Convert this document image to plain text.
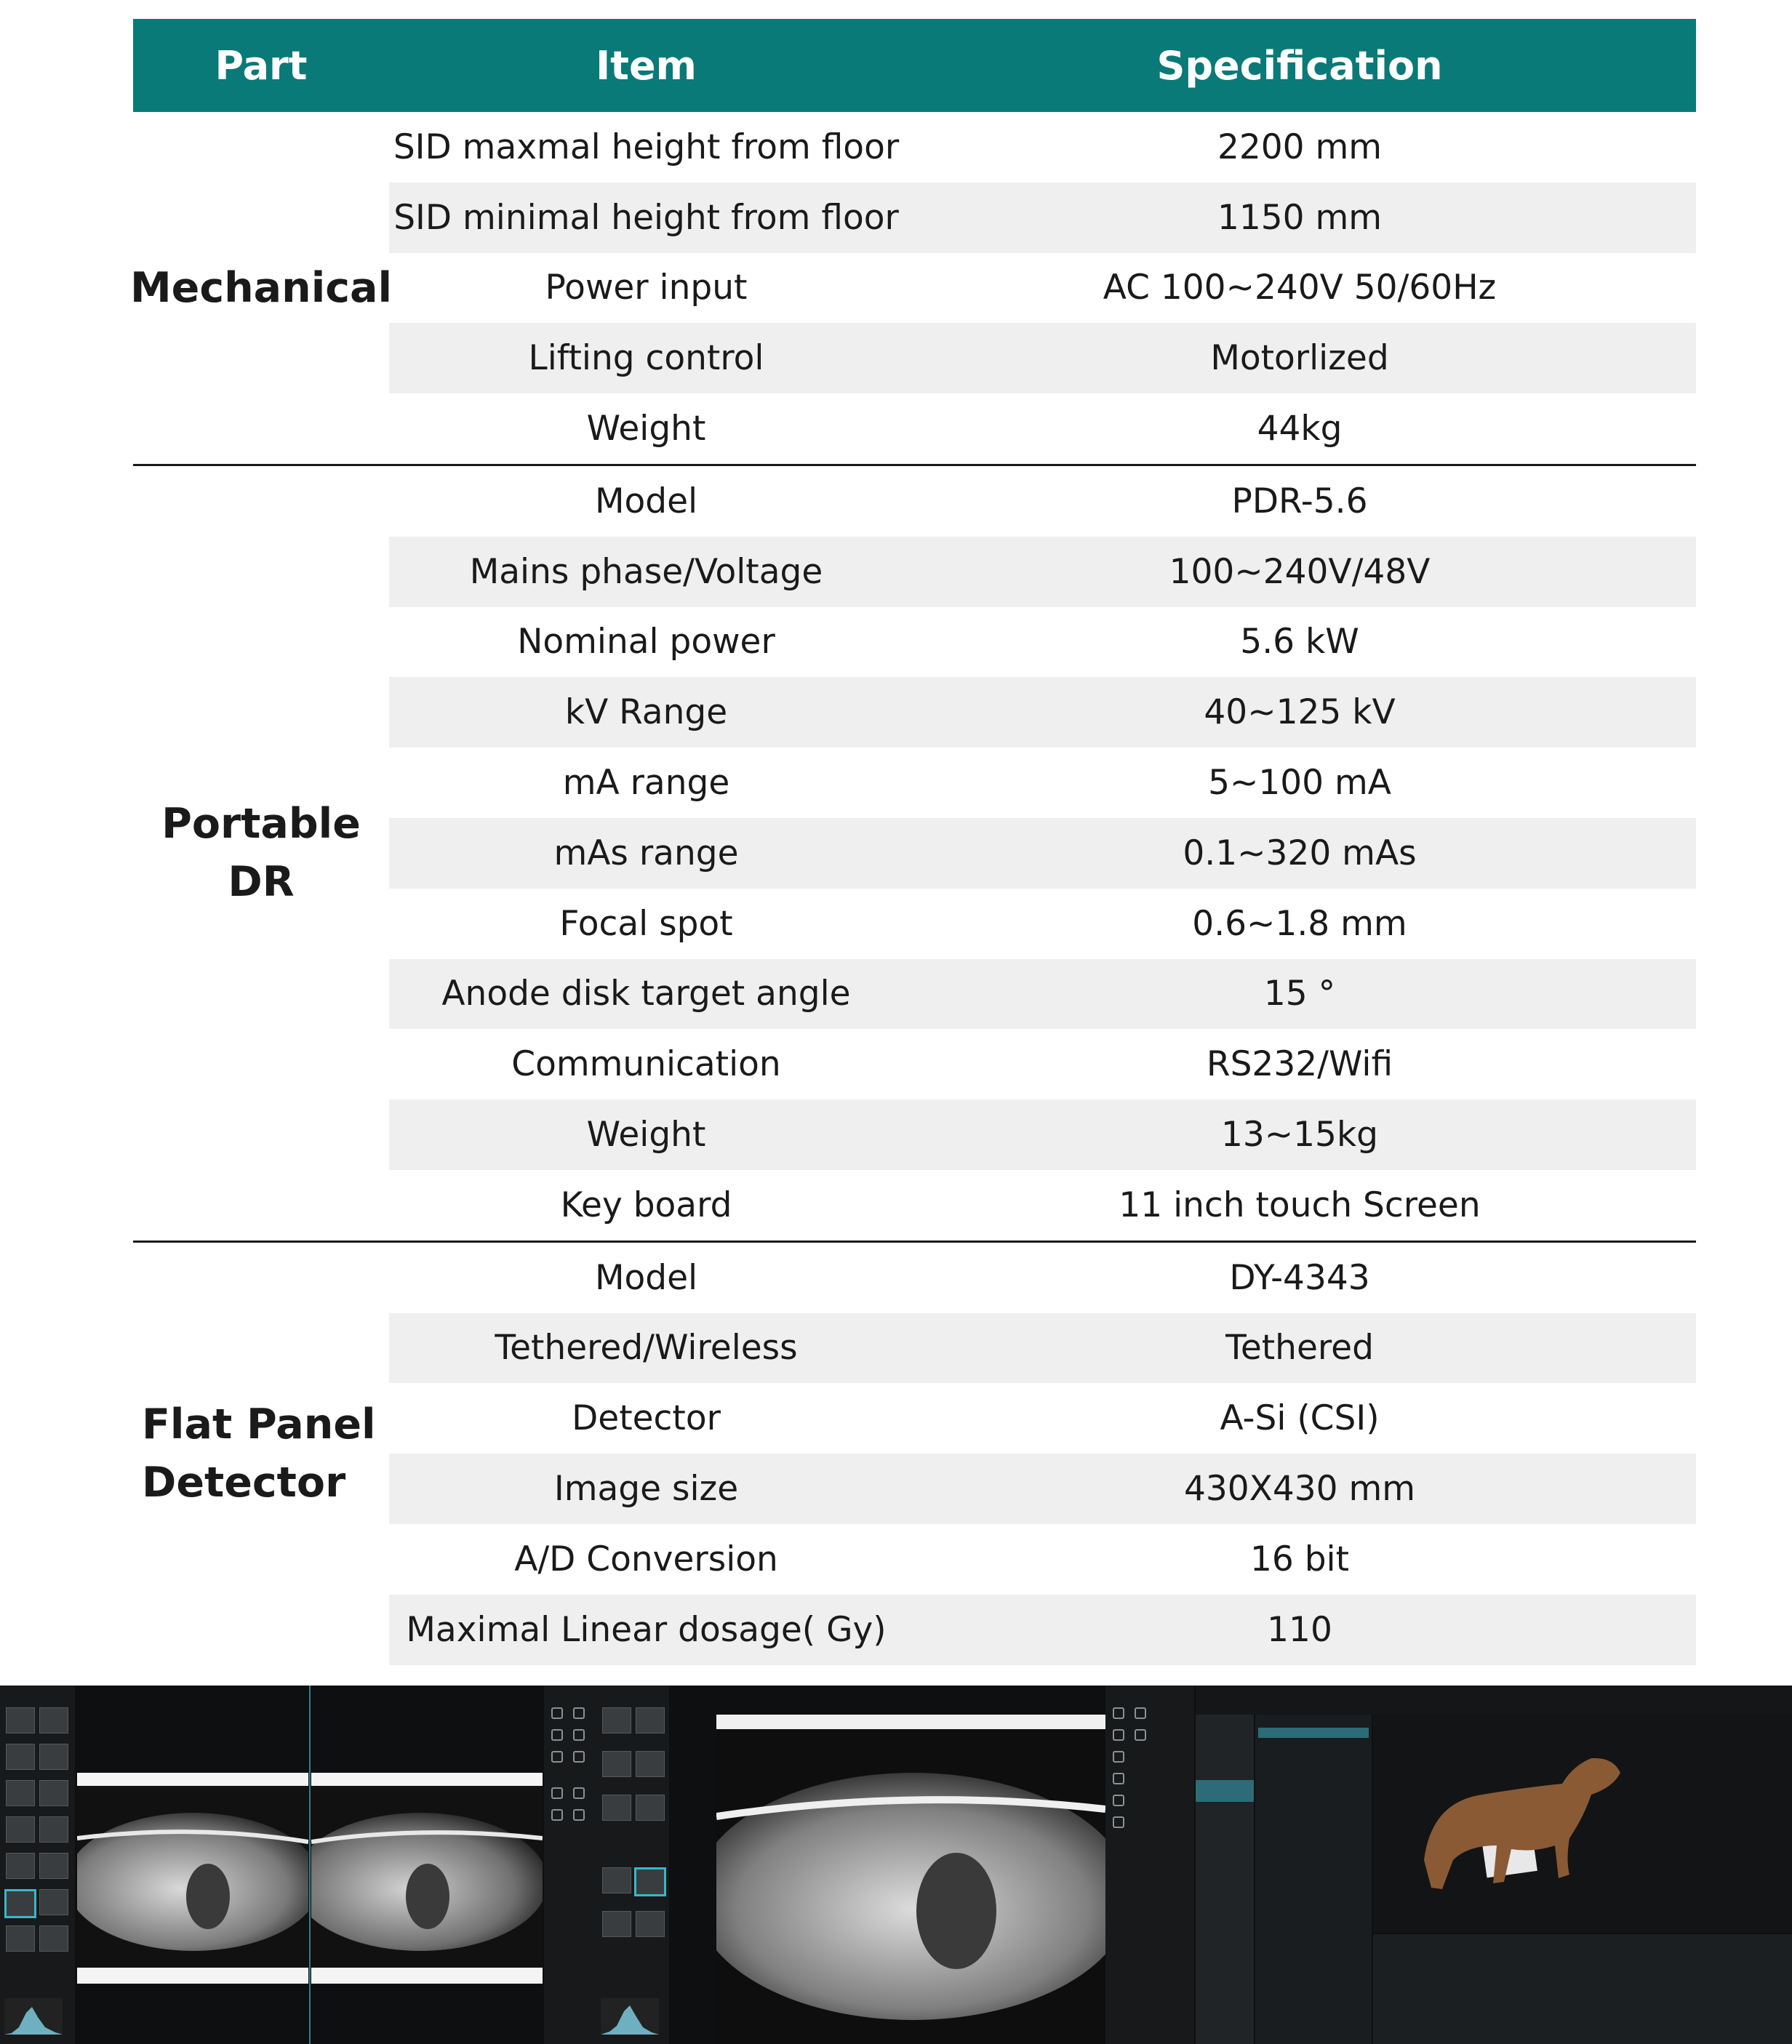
Part	Item	Specification
Mechanical
SID maxmal height from floor	2200 mm
SID minimal height from floor	1150 mm
Power input	AC 100~240V 50/60Hz
Lifting control	Motorlized
Weight	44kg
Portable DR
Model	PDR-5.6
Mains phase/Voltage	100~240V/48V
Nominal power	5.6 kW
kV Range	40~125 kV
mA range	5~100 mA
mAs range	0.1~320 mAs
Focal spot	0.6~1.8 mm
Anode disk target angle	15 °
Communication	RS232/Wifi
Weight	13~15kg
Key board	11 inch touch Screen
Flat Panel Detector
Model	DY-4343
Tethered/Wireless	Tethered
Detector	A-Si (CSI)
Image size	430X430 mm
A/D Conversion	16 bit
Maximal Linear dosage( Gy)	110
